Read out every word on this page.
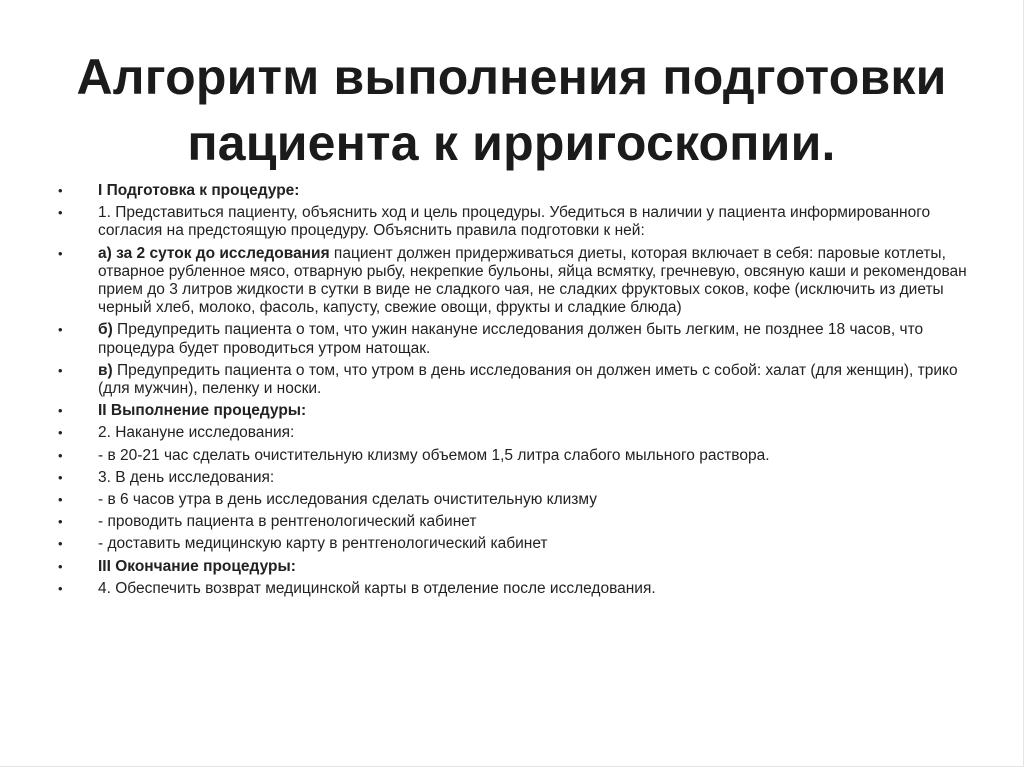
Алгоритм выполнения подготовки
пациента к ирригоскопии.
•	I Подготовка к процедуре:
•	1. Представиться пациенту, объяснить ход и цель процедуры. Убедиться в наличии у пациента информированного согласия на предстоящую процедуру. Объяснить правила подготовки к ней:
•	а) за 2 суток до исследования пациент должен придерживаться диеты, которая включает в себя: паровые котлеты, отварное рубленное мясо, отварную рыбу, некрепкие бульоны, яйца всмятку, гречневую, овсяную каши и рекомендован прием до 3 литров жидкости в сутки в виде не сладкого чая, не сладких фруктовых соков, кофе (исключить из диеты черный хлеб, молоко, фасоль, капусту, свежие овощи, фрукты и сладкие блюда)
•	б) Предупредить пациента о том, что ужин накануне исследования должен быть легким, не позднее 18 часов, что процедура будет проводиться утром натощак.
•	в) Предупредить пациента о том, что утром в день исследования он должен иметь с собой: халат (для женщин), трико (для мужчин), пеленку и носки.
•	II Выполнение процедуры:
•	2. Накануне исследования:
•	- в 20-21 час сделать очистительную клизму объемом 1,5 литра слабого мыльного раствора.
•	3. В день исследования:
•	- в 6 часов утра в день исследования сделать очистительную клизму
•	- проводить пациента в рентгенологический кабинет
•	- доставить медицинскую карту в рентгенологический кабинет
•	III Окончание процедуры:
•	4. Обеспечить возврат медицинской карты в отделение после исследования.
